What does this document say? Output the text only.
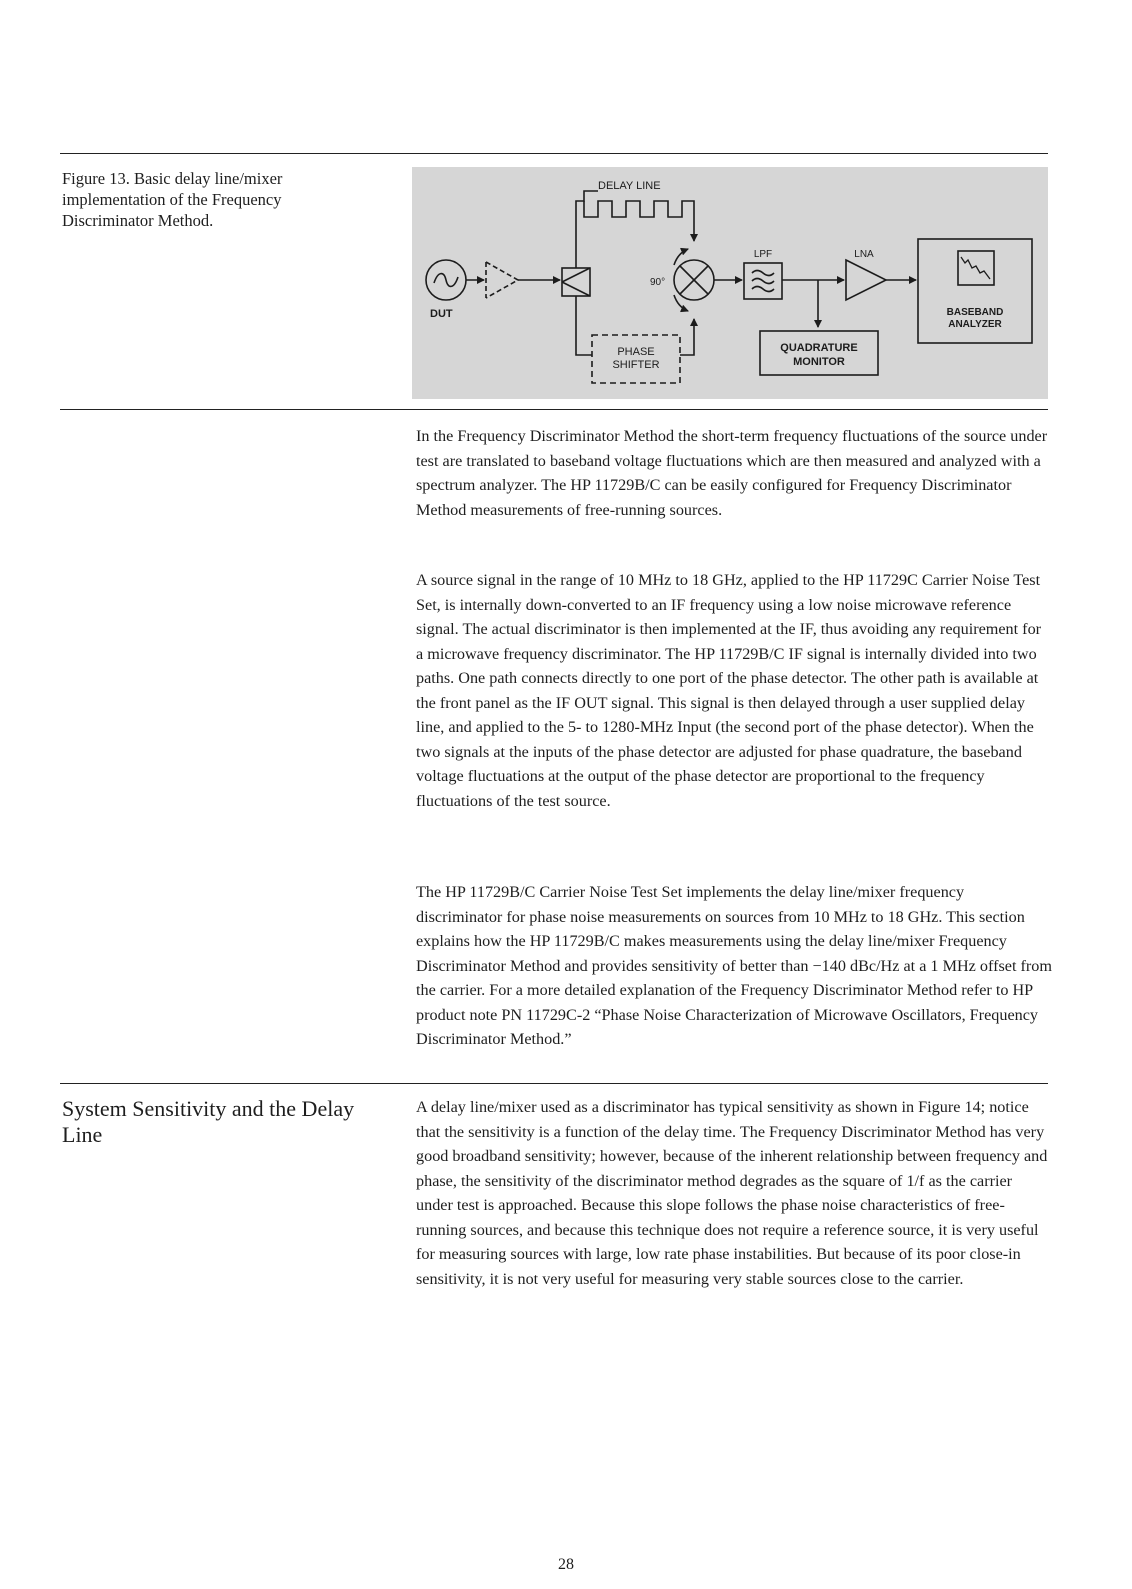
Figure 13. Basic delay line/mixer implementation of the Frequency Discriminator Method.
DELAY LINE
DUT
90°
PHASE
SHIFTER
LPF	LNA
QUADRATURE
MONITOR
BASEBAND
ANALYZER

In the Frequency Discriminator Method the short-term frequency fluctuations of the source under test are translated to baseband voltage fluctuations which are then measured and analyzed with a spectrum analyzer. The HP 11729B/C can be easily configured for Frequency Discriminator Method measurements of free-running sources.

A source signal in the range of 10 MHz to 18 GHz, applied to the HP 11729C Carrier Noise Test Set, is internally down-converted to an IF frequency using a low noise microwave reference signal. The actual discriminator is then implemented at the IF, thus avoiding any requirement for a microwave frequency discriminator. The HP 11729B/C IF signal is internally divided into two paths. One path connects directly to one port of the phase detector. The other path is available at the front panel as the IF OUT signal. This signal is then delayed through a user supplied delay line, and applied to the 5- to 1280-MHz Input (the second port of the phase detector). When the two signals at the inputs of the phase detector are adjusted for phase quadrature, the baseband voltage fluctuations at the output of the phase detector are proportional to the frequency fluctuations of the test source.

The HP 11729B/C Carrier Noise Test Set implements the delay line/mixer frequency discriminator for phase noise measurements on sources from 10 MHz to 18 GHz. This section explains how the HP 11729B/C makes measurements using the delay line/mixer Frequency Discriminator Method and provides sensitivity of better than −140 dBc/Hz at a 1 MHz offset from the carrier. For a more detailed explanation of the Frequency Discriminator Method refer to HP product note PN 11729C-2 “Phase Noise Characterization of Microwave Oscillators, Frequency Discriminator Method.”

System Sensitivity and the Delay Line

A delay line/mixer used as a discriminator has typical sensitivity as shown in Figure 14; notice that the sensitivity is a function of the delay time. The Frequency Discriminator Method has very good broadband sensitivity; however, because of the inherent relationship between frequency and phase, the sensitivity of the discriminator method degrades as the square of 1/f as the carrier under test is approached. Because this slope follows the phase noise characteristics of free-running sources, and because this technique does not require a reference source, it is very useful for measuring sources with large, low rate phase instabilities. But because of its poor close-in sensitivity, it is not very useful for measuring very stable sources close to the carrier.

28
